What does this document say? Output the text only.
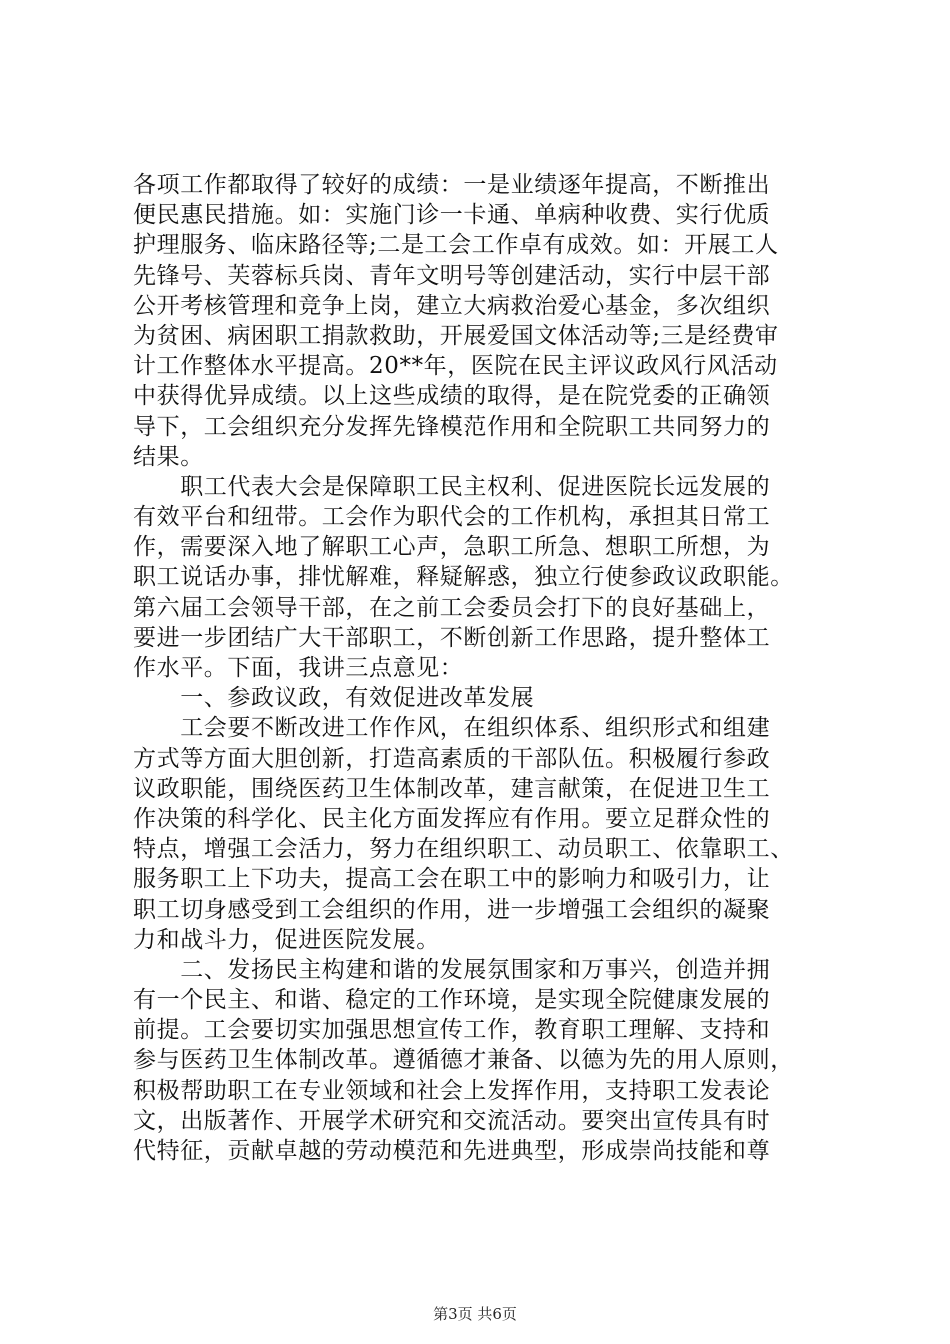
各项工作都取得了较好的成绩：一是业绩逐年提高，不断推出
便民惠民措施。如：实施门诊一卡通、单病种收费、实行优质
护理服务、临床路径等;二是工会工作卓有成效。如：开展工人
先锋号、芙蓉标兵岗、青年文明号等创建活动，实行中层干部
公开考核管理和竞争上岗，建立大病救治爱心基金，多次组织
为贫困、病困职工捐款救助，开展爱国文体活动等;三是经费审
计工作整体水平提高。20**年，医院在民主评议政风行风活动
中获得优异成绩。以上这些成绩的取得，是在院党委的正确领
导下，工会组织充分发挥先锋模范作用和全院职工共同努力的
结果。
　　职工代表大会是保障职工民主权利、促进医院长远发展的
有效平台和纽带。工会作为职代会的工作机构，承担其日常工
作，需要深入地了解职工心声，急职工所急、想职工所想，为
职工说话办事，排忧解难，释疑解惑，独立行使参政议政职能。
第六届工会领导干部，在之前工会委员会打下的良好基础上，
要进一步团结广大干部职工，不断创新工作思路，提升整体工
作水平。下面，我讲三点意见：
　　一、参政议政，有效促进改革发展
　　工会要不断改进工作作风，在组织体系、组织形式和组建
方式等方面大胆创新，打造高素质的干部队伍。积极履行参政
议政职能，围绕医药卫生体制改革，建言献策，在促进卫生工
作决策的科学化、民主化方面发挥应有作用。要立足群众性的
特点，增强工会活力，努力在组织职工、动员职工、依靠职工、
服务职工上下功夫，提高工会在职工中的影响力和吸引力，让
职工切身感受到工会组织的作用，进一步增强工会组织的凝聚
力和战斗力，促进医院发展。
　　二、发扬民主构建和谐的发展氛围家和万事兴，创造并拥
有一个民主、和谐、稳定的工作环境，是实现全院健康发展的
前提。工会要切实加强思想宣传工作，教育职工理解、支持和
参与医药卫生体制改革。遵循德才兼备、以德为先的用人原则，
积极帮助职工在专业领域和社会上发挥作用，支持职工发表论
文，出版著作、开展学术研究和交流活动。要突出宣传具有时
代特征，贡献卓越的劳动模范和先进典型，形成崇尚技能和尊
第3页 共6页
